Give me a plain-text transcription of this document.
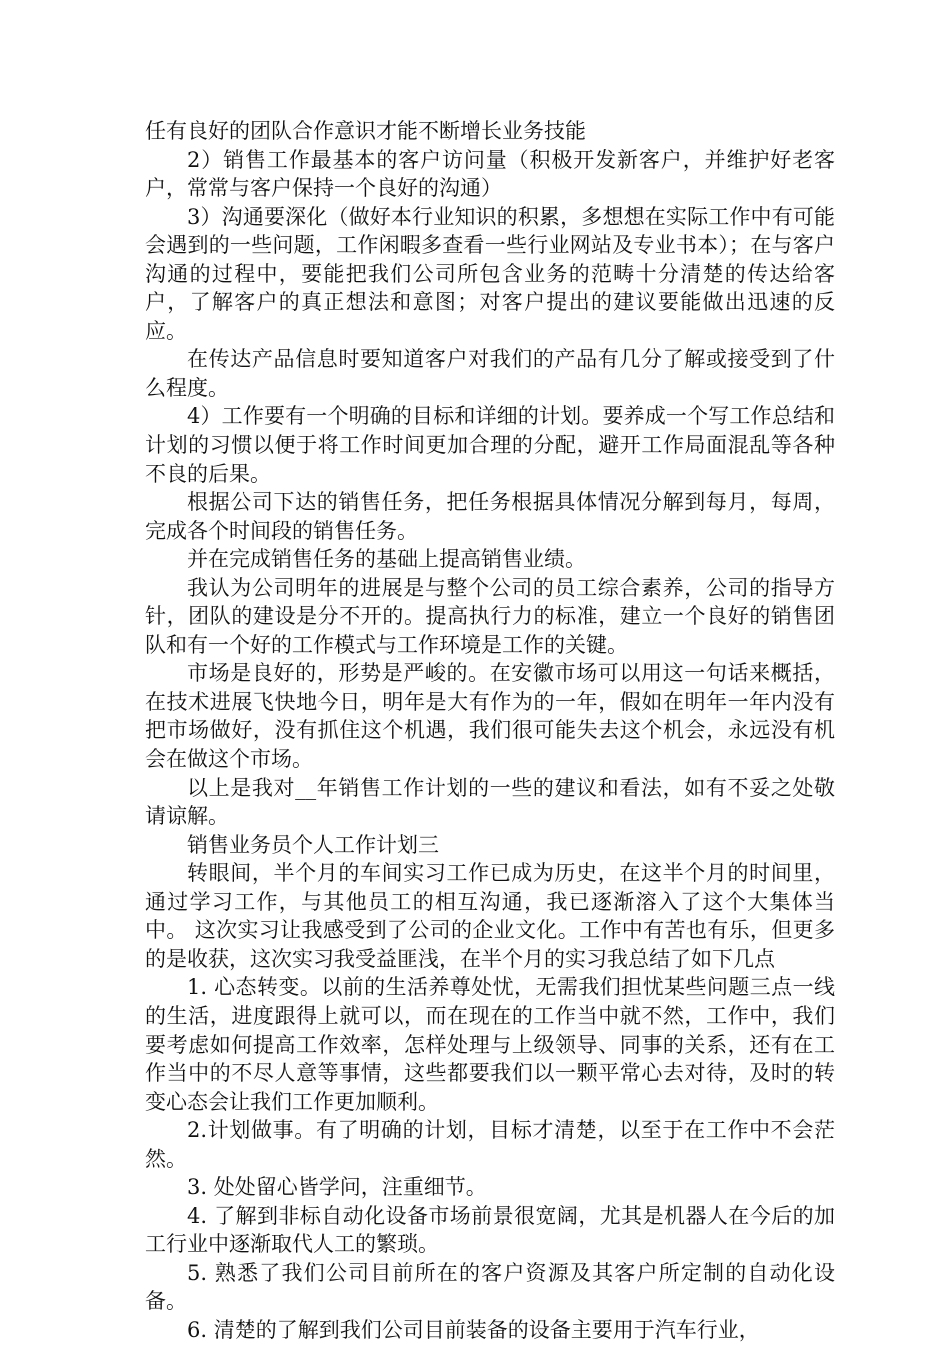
任有良好的团队合作意识才能不断增长业务技能

2）销售工作最基本的客户访问量（积极开发新客户，并维护好老客户，常常与客户保持一个良好的沟通）

3）沟通要深化（做好本行业知识的积累，多想想在实际工作中有可能会遇到的一些问题，工作闲暇多查看一些行业网站及专业书本）；在与客户沟通的过程中，要能把我们公司所包含业务的范畴十分清楚的传达给客户，了解客户的真正想法和意图；对客户提出的建议要能做出迅速的反应。

在传达产品信息时要知道客户对我们的产品有几分了解或接受到了什么程度。

4）工作要有一个明确的目标和详细的计划。要养成一个写工作总结和计划的习惯以便于将工作时间更加合理的分配，避开工作局面混乱等各种不良的后果。

根据公司下达的销售任务，把任务根据具体情况分解到每月，每周，完成各个时间段的销售任务。

并在完成销售任务的基础上提高销售业绩。

我认为公司明年的进展是与整个公司的员工综合素养，公司的指导方针，团队的建设是分不开的。提高执行力的标准，建立一个良好的销售团队和有一个好的工作模式与工作环境是工作的关键。

市场是良好的，形势是严峻的。在安徽市场可以用这一句话来概括，在技术进展飞快地今日，明年是大有作为的一年，假如在明年一年内没有把市场做好，没有抓住这个机遇，我们很可能失去这个机会，永远没有机会在做这个市场。

以上是我对__年销售工作计划的一些的建议和看法，如有不妥之处敬请谅解。

销售业务员个人工作计划三

转眼间，半个月的车间实习工作已成为历史，在这半个月的时间里，通过学习工作，与其他员工的相互沟通，我已逐渐溶入了这个大集体当中。 这次实习让我感受到了公司的企业文化。工作中有苦也有乐，但更多的是收获，这次实习我受益匪浅，在半个月的实习我总结了如下几点

1. 心态转变。以前的生活养尊处忧，无需我们担忧某些问题三点一线的生活，进度跟得上就可以，而在现在的工作当中就不然，工作中，我们要考虑如何提高工作效率，怎样处理与上级领导、同事的关系，还有在工作当中的不尽人意等事情，这些都要我们以一颗平常心去对待，及时的转变心态会让我们工作更加顺利。

2.计划做事。有了明确的计划，目标才清楚，以至于在工作中不会茫然。

3. 处处留心皆学问，注重细节。

4. 了解到非标自动化设备市场前景很宽阔，尤其是机器人在今后的加工行业中逐渐取代人工的繁琐。

5. 熟悉了我们公司目前所在的客户资源及其客户所定制的自动化设备。

6. 清楚的了解到我们公司目前装备的设备主要用于汽车行业，
